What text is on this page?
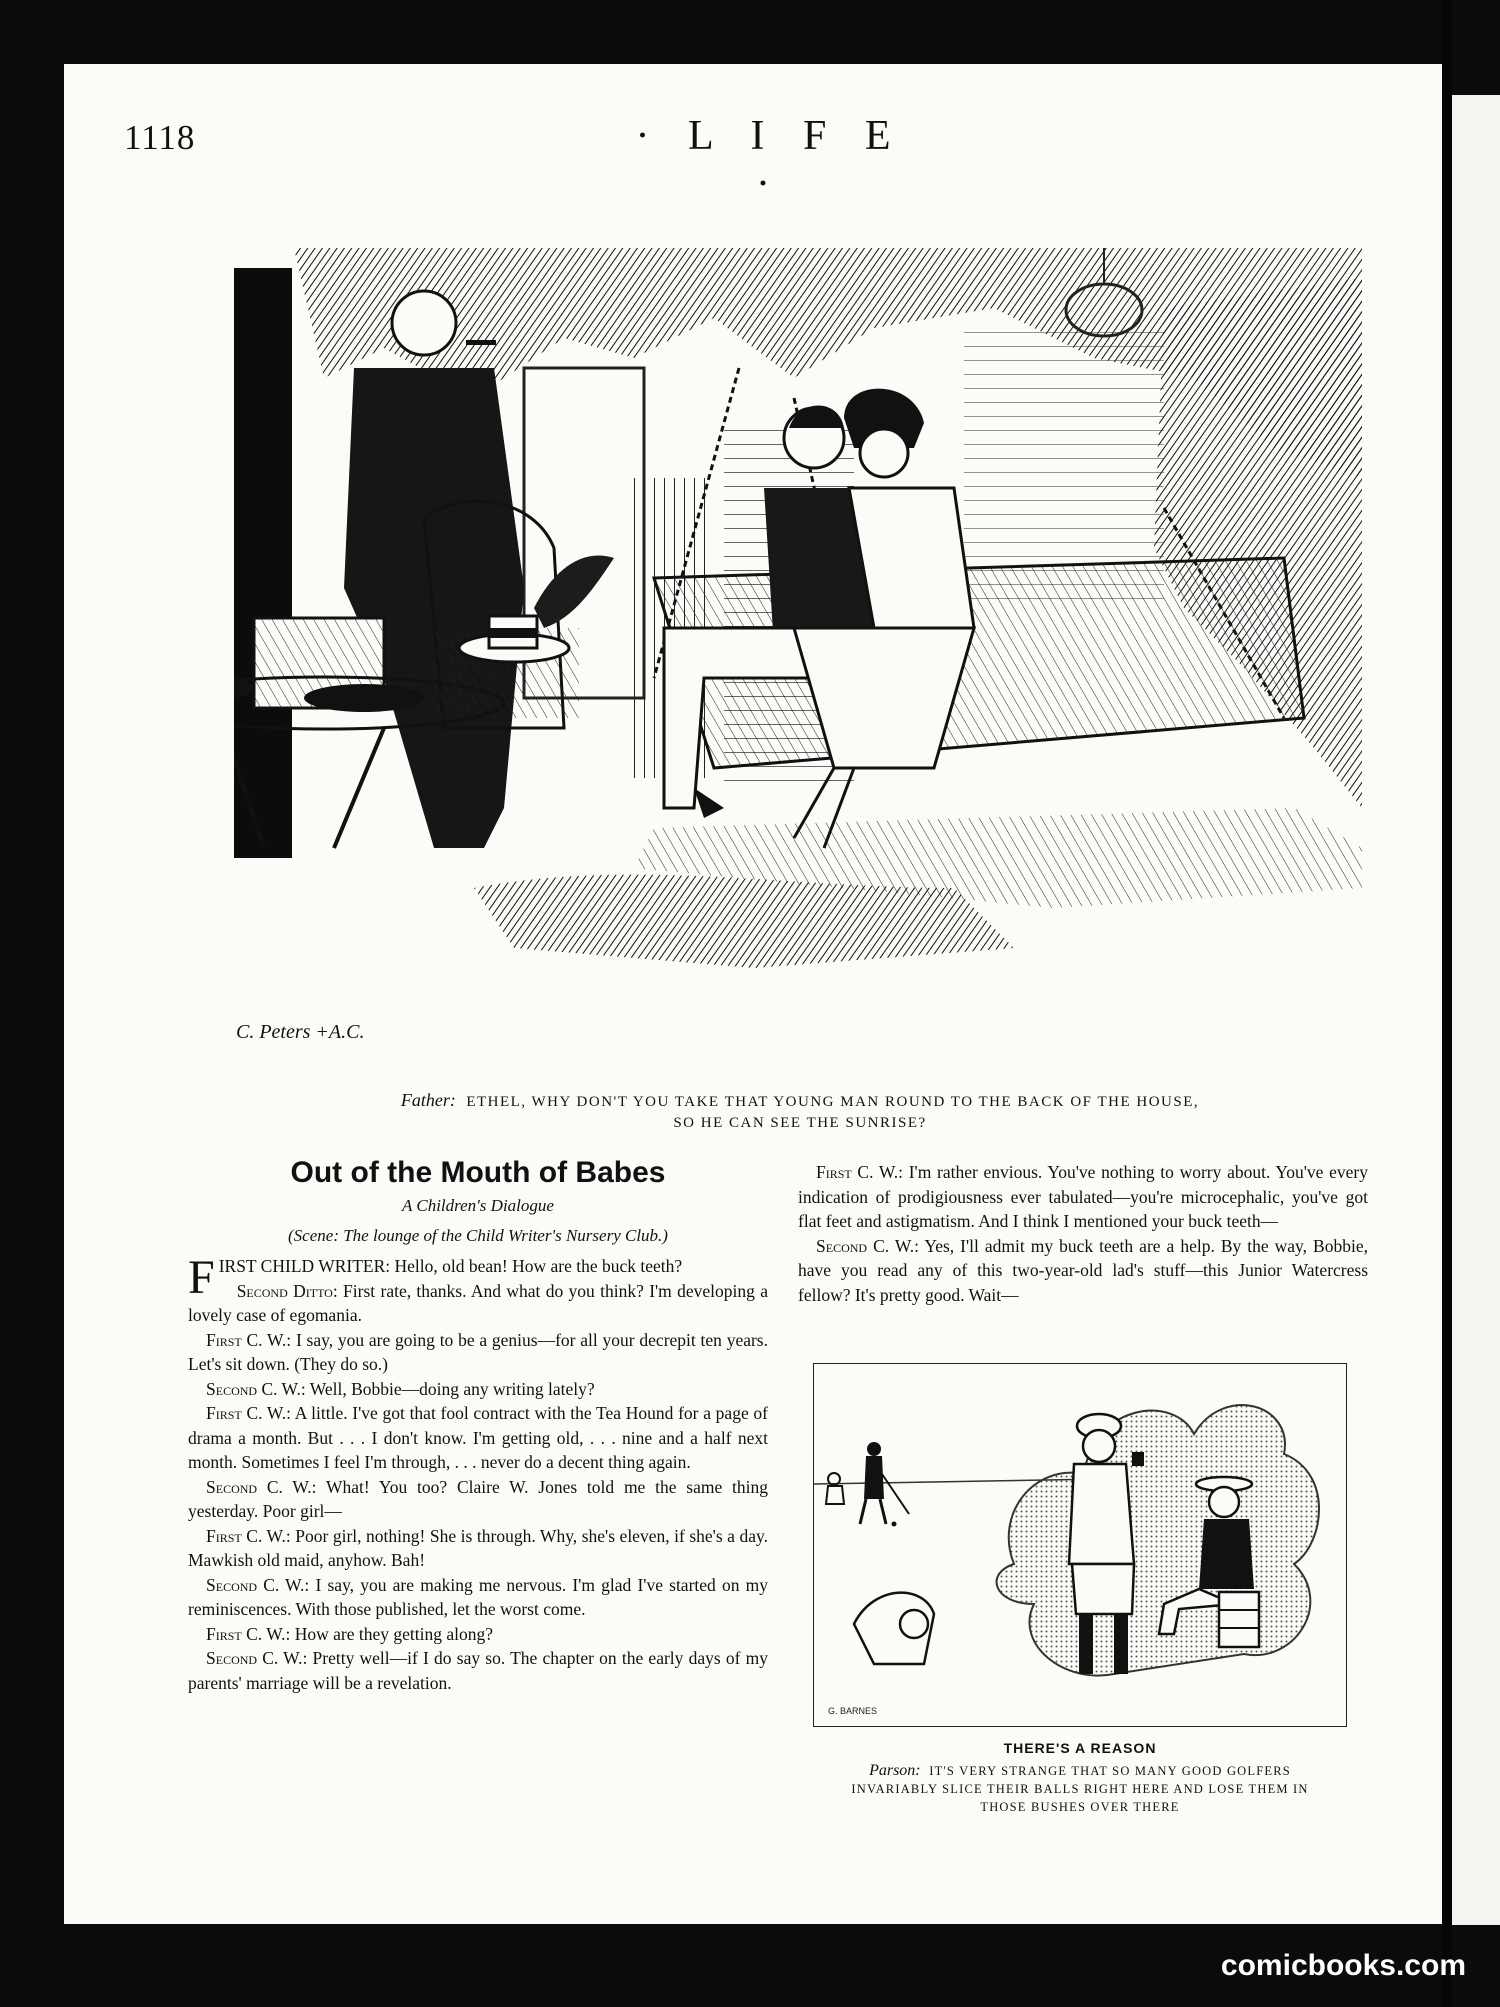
1118	· L I F E ·
C. Peters +A.C.
Father: ETHEL, WHY DON'T YOU TAKE THAT YOUNG MAN ROUND TO THE BACK OF THE HOUSE,
SO HE CAN SEE THE SUNRISE?
Out of the Mouth of Babes
A Children's Dialogue
(Scene: The lounge of the Child Writer's Nursery Club.)

FIRST CHILD WRITER: Hello, old bean! How are the buck teeth?

Second Ditto: First rate, thanks. And what do you think? I'm developing a lovely case of egomania.

First C. W.: I say, you are going to be a genius—for all your decrepit ten years. Let's sit down. (They do so.)

Second C. W.: Well, Bobbie—doing any writing lately?

First C. W.: A little. I've got that fool contract with the Tea Hound for a page of drama a month. But . . . I don't know. I'm getting old, . . . nine and a half next month. Sometimes I feel I'm through, . . . never do a decent thing again.

Second C. W.: What! You too? Claire W. Jones told me the same thing yesterday. Poor girl—

First C. W.: Poor girl, nothing! She is through. Why, she's eleven, if she's a day. Mawkish old maid, anyhow. Bah!

Second C. W.: I say, you are making me nervous. I'm glad I've started on my reminiscences. With those published, let the worst come.

First C. W.: How are they getting along?

Second C. W.: Pretty well—if I do say so. The chapter on the early days of my parents' marriage will be a revelation.

First C. W.: I'm rather envious. You've nothing to worry about. You've every indication of prodigiousness ever tabulated—you're microcephalic, you've got flat feet and astigmatism. And I think I mentioned your buck teeth—

Second C. W.: Yes, I'll admit my buck teeth are a help. By the way, Bobbie, have you read any of this two-year-old lad's stuff—this Junior Watercress fellow? It's pretty good. Wait—

G. BARNES
THERE'S A REASON
Parson: IT'S VERY STRANGE THAT SO MANY GOOD GOLFERS
INVARIABLY SLICE THEIR BALLS RIGHT HERE AND LOSE THEM IN
THOSE BUSHES OVER THERE
comicbooks.com
